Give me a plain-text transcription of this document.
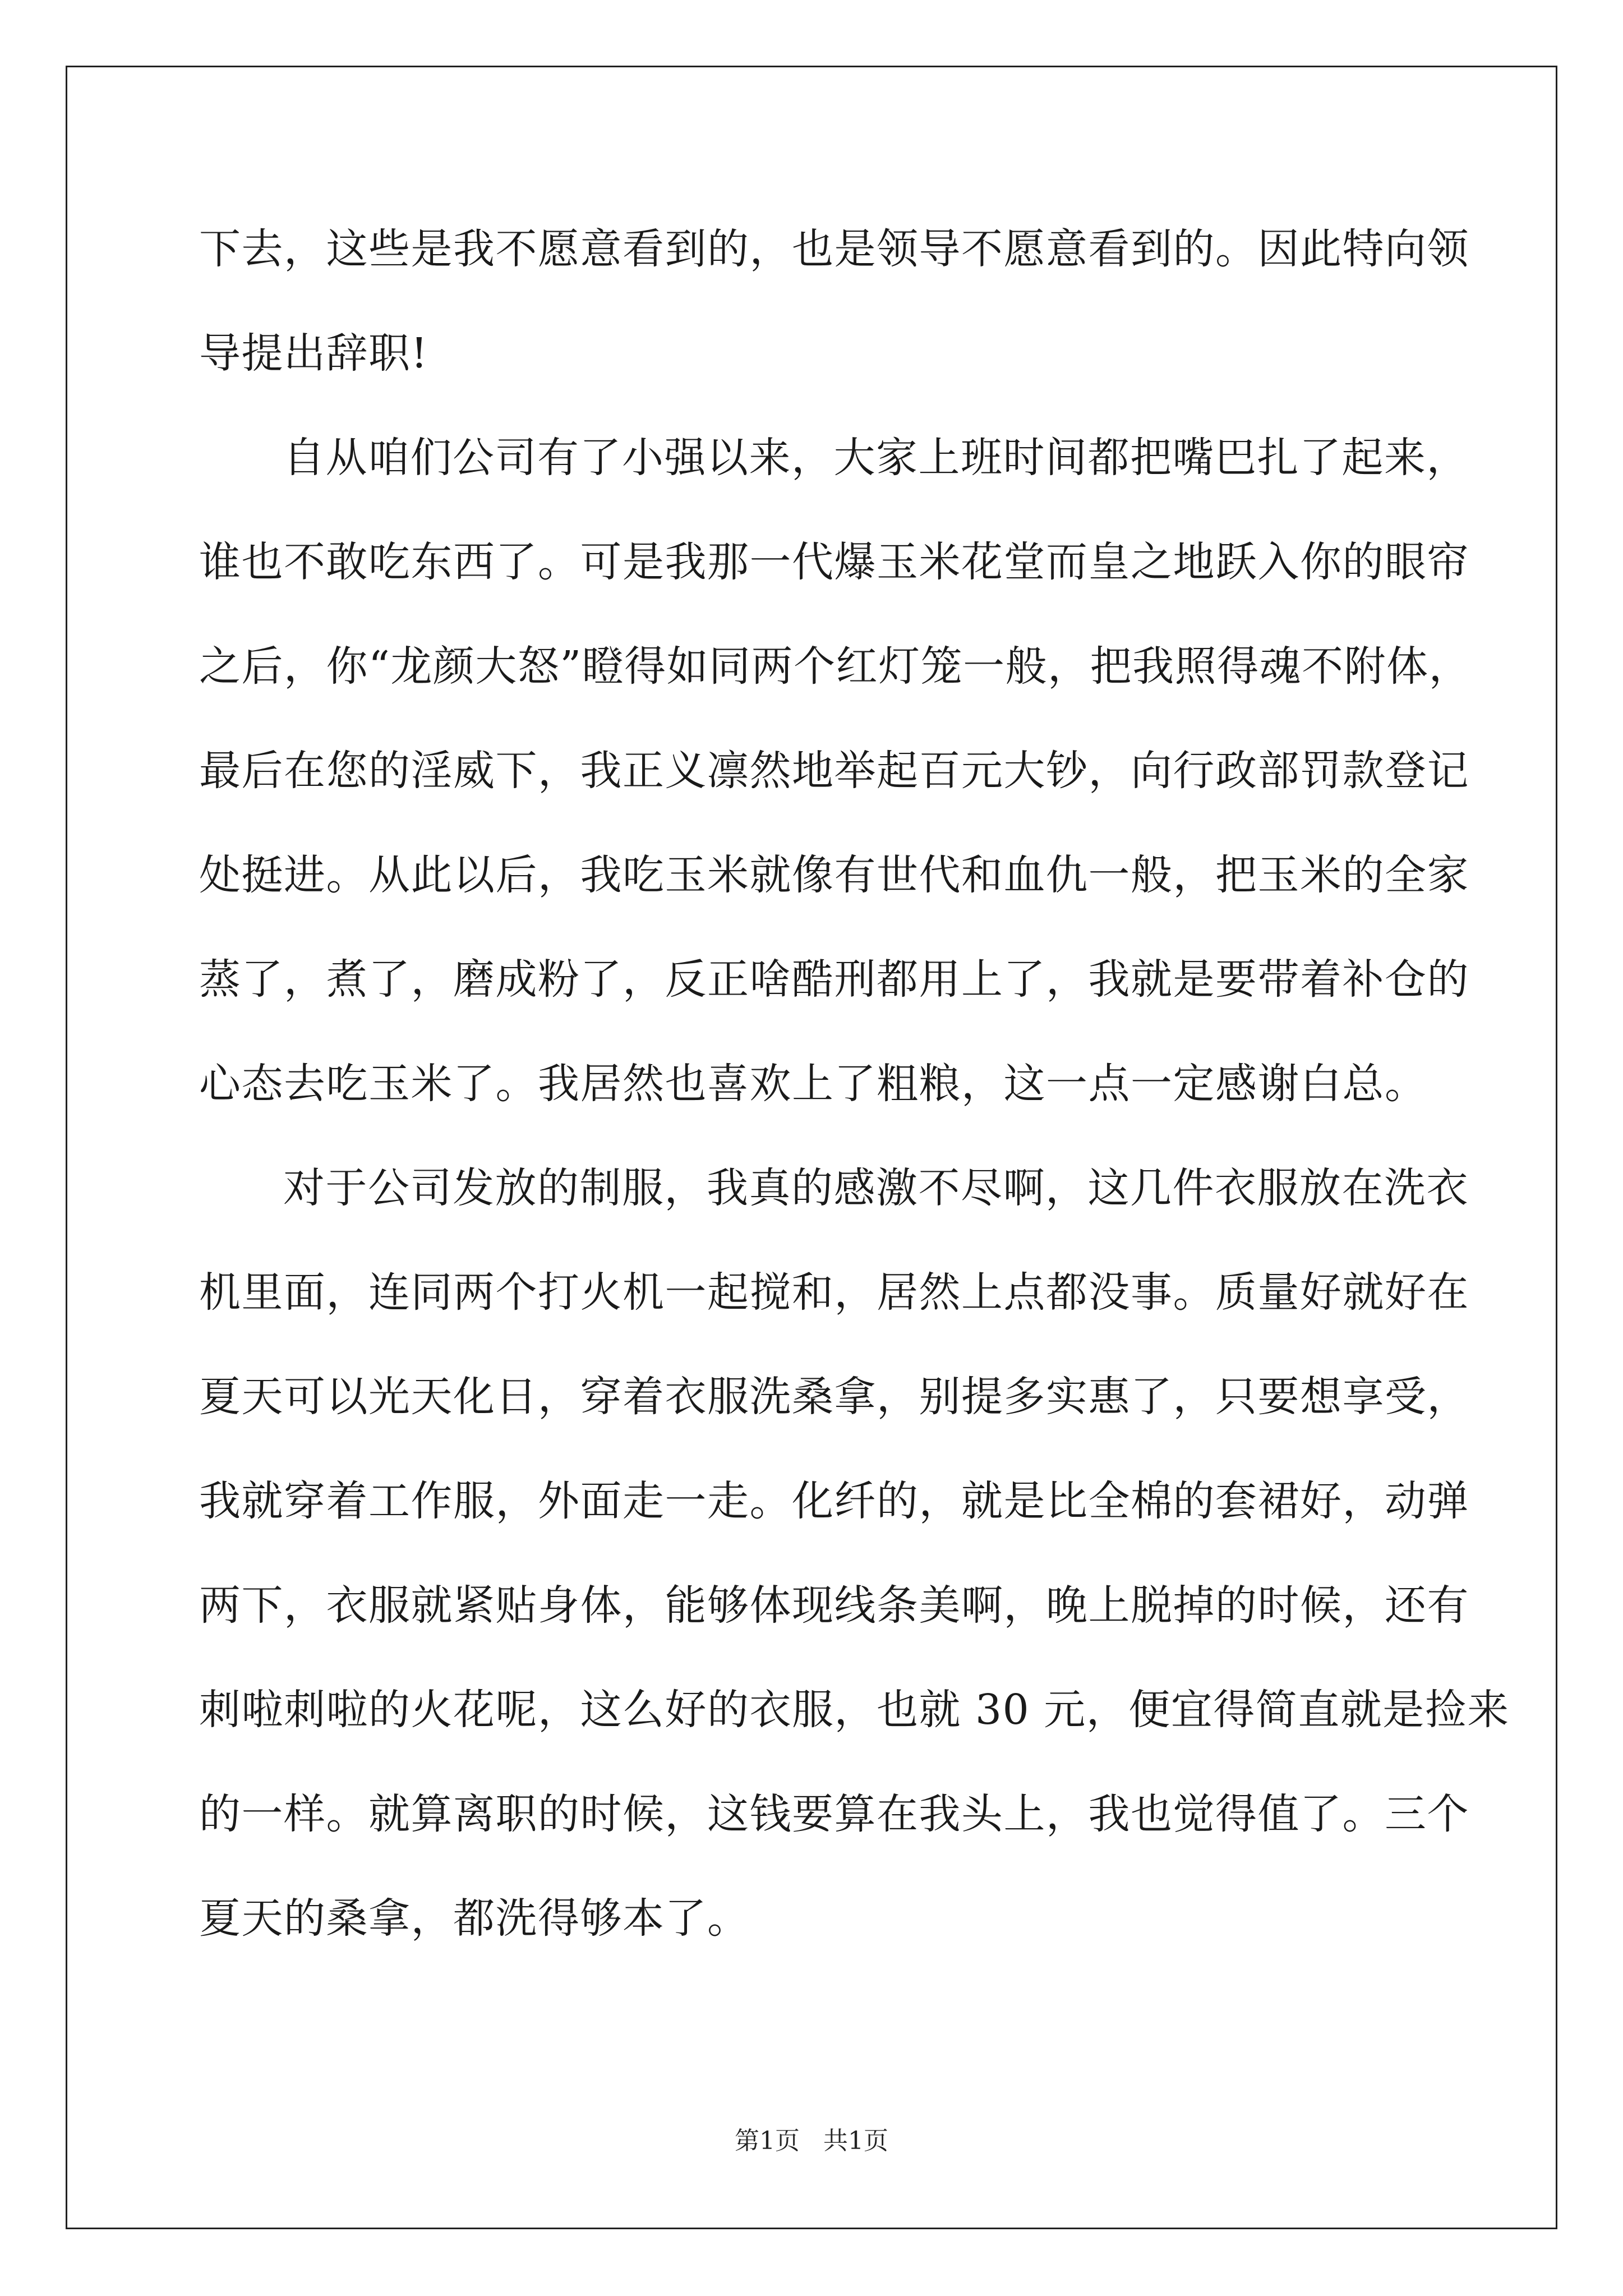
下去，这些是我不愿意看到的，也是领导不愿意看到的。因此特向领
导提出辞职!
自从咱们公司有了小强以来，大家上班时间都把嘴巴扎了起来，
谁也不敢吃东西了。可是我那一代爆玉米花堂而皇之地跃入你的眼帘
之后，你“龙颜大怒”瞪得如同两个红灯笼一般，把我照得魂不附体，
最后在您的淫威下，我正义凛然地举起百元大钞，向行政部罚款登记
处挺进。从此以后，我吃玉米就像有世代和血仇一般，把玉米的全家
蒸了，煮了，磨成粉了，反正啥酷刑都用上了，我就是要带着补仓的
心态去吃玉米了。我居然也喜欢上了粗粮，这一点一定感谢白总。
对于公司发放的制服，我真的感激不尽啊，这几件衣服放在洗衣
机里面，连同两个打火机一起搅和，居然上点都没事。质量好就好在
夏天可以光天化日，穿着衣服洗桑拿，别提多实惠了，只要想享受，
我就穿着工作服，外面走一走。化纤的，就是比全棉的套裙好，动弹
两下，衣服就紧贴身体，能够体现线条美啊，晚上脱掉的时候，还有
刺啦刺啦的火花呢，这么好的衣服，也就 30 元，便宜得简直就是捡来
的一样。就算离职的时候，这钱要算在我头上，我也觉得值了。三个
夏天的桑拿，都洗得够本了。
第1页   共1页
